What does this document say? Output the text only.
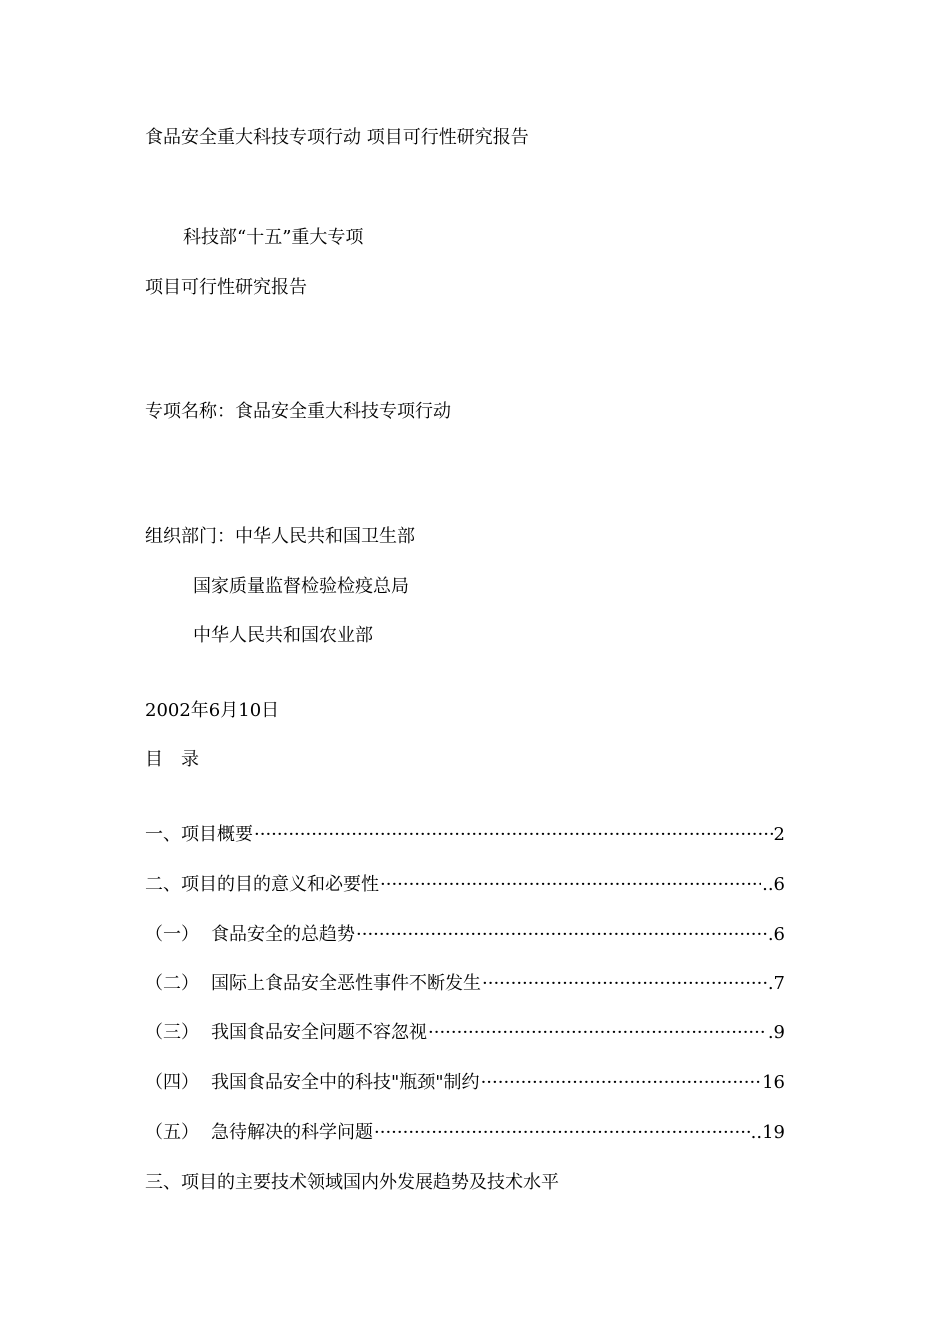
食品安全重大科技专项行动 项目可行性研究报告
科技部“十五”重大专项
项目可行性研究报告
专项名称：食品安全重大科技专项行动
组织部门：中华人民共和国卫生部
国家质量监督检验检疫总局
中华人民共和国农业部
2002年6月10日
目　录
一、项目概要 ·····	2
二、项目的目的意义和必要性 ·····	..6
（一） 食品安全的总趋势 ·····	.6
（二） 国际上食品安全恶性事件不断发生 ·····	.7
（三） 我国食品安全问题不容忽视 ·····	.9
（四） 我国食品安全中的科技"瓶颈"制约 ·····	16
（五） 急待解决的科学问题 ·····	..19
三、项目的主要技术领域国内外发展趋势及技术水平
